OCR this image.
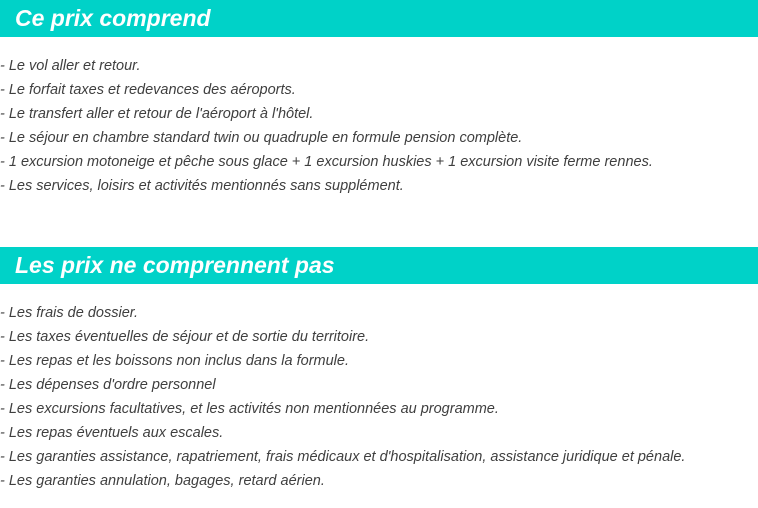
Ce prix comprend
- Le vol aller et retour.
- Le forfait taxes et redevances des aéroports.
- Le transfert aller et retour de l'aéroport à l'hôtel.
- Le séjour en chambre standard twin ou quadruple en formule pension complète.
- 1 excursion motoneige et pêche sous glace + 1 excursion huskies + 1 excursion visite ferme rennes.
- Les services, loisirs et activités mentionnés sans supplément.
Les prix ne comprennent pas
- Les frais de dossier.
- Les taxes éventuelles de séjour et de sortie du territoire.
- Les repas et les boissons non inclus dans la formule.
- Les dépenses d'ordre personnel
- Les excursions facultatives, et les activités non mentionnées au programme.
- Les repas éventuels aux escales.
- Les garanties assistance, rapatriement, frais médicaux et d'hospitalisation, assistance juridique et pénale.
- Les garanties annulation, bagages, retard aérien.
